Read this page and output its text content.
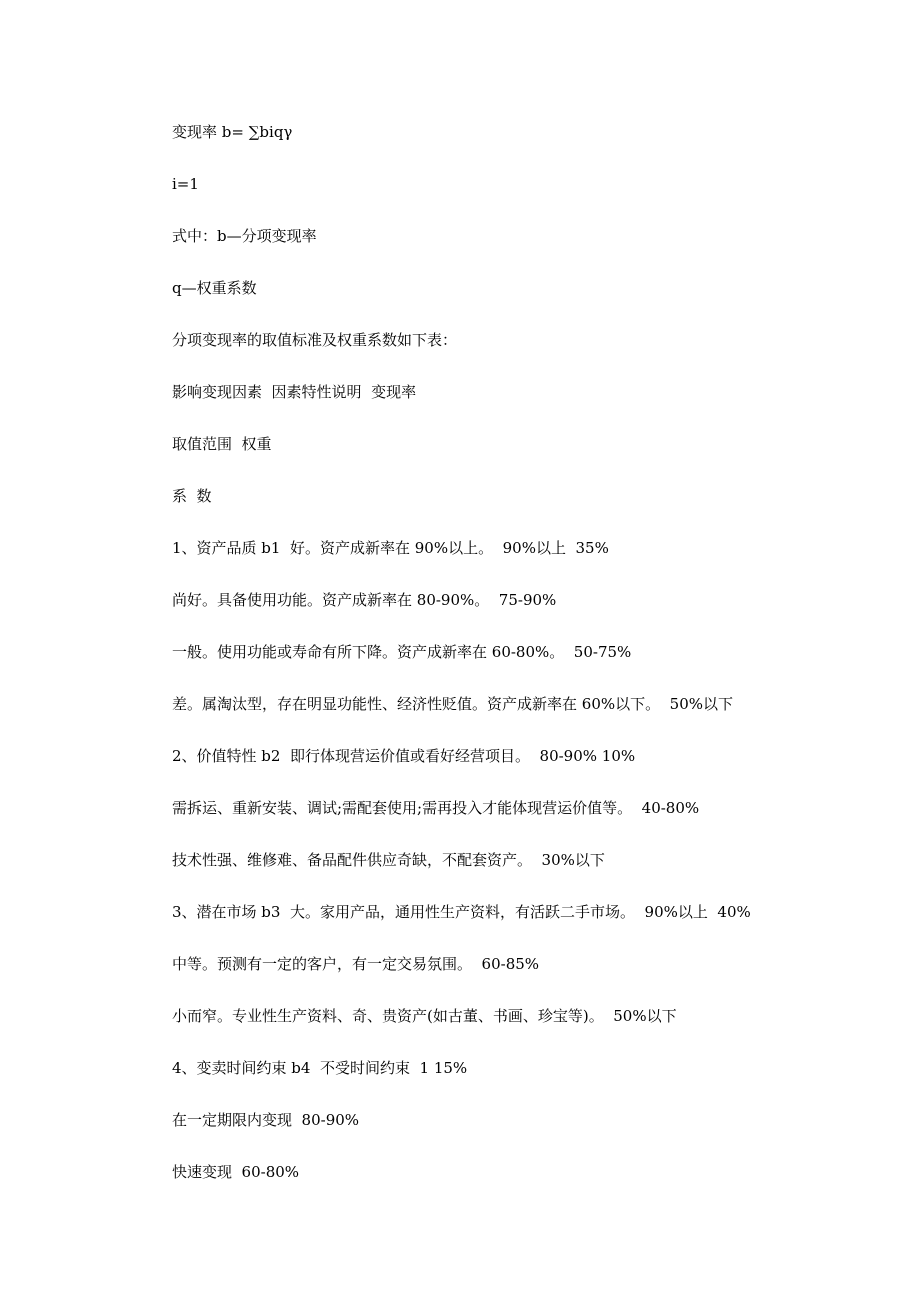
变现率 b= ∑biqγ

i=1

式中：b—分项变现率

q—权重系数

分项变现率的取值标准及权重系数如下表：

影响变现因素  因素特性说明  变现率

取值范围  权重

系  数

1、资产品质 b1  好。资产成新率在 90%以上。  90%以上  35%

尚好。具备使用功能。资产成新率在 80-90%。  75-90%

一般。使用功能或寿命有所下降。资产成新率在 60-80%。  50-75%

差。属淘汰型，存在明显功能性、经济性贬值。资产成新率在 60%以下。  50%以下

2、价值特性 b2  即行体现营运价值或看好经营项目。  80-90% 10%

需拆运、重新安装、调试;需配套使用;需再投入才能体现营运价值等。  40-80%

技术性强、维修难、备品配件供应奇缺，不配套资产。  30%以下

3、潜在市场 b3  大。家用产品，通用性生产资料，有活跃二手市场。  90%以上  40%

中等。预测有一定的客户，有一定交易氛围。  60-85%

小而窄。专业性生产资料、奇、贵资产(如古董、书画、珍宝等)。  50%以下

4、变卖时间约束 b4  不受时间约束  1 15%

在一定期限内变现  80-90%

快速变现  60-80%
